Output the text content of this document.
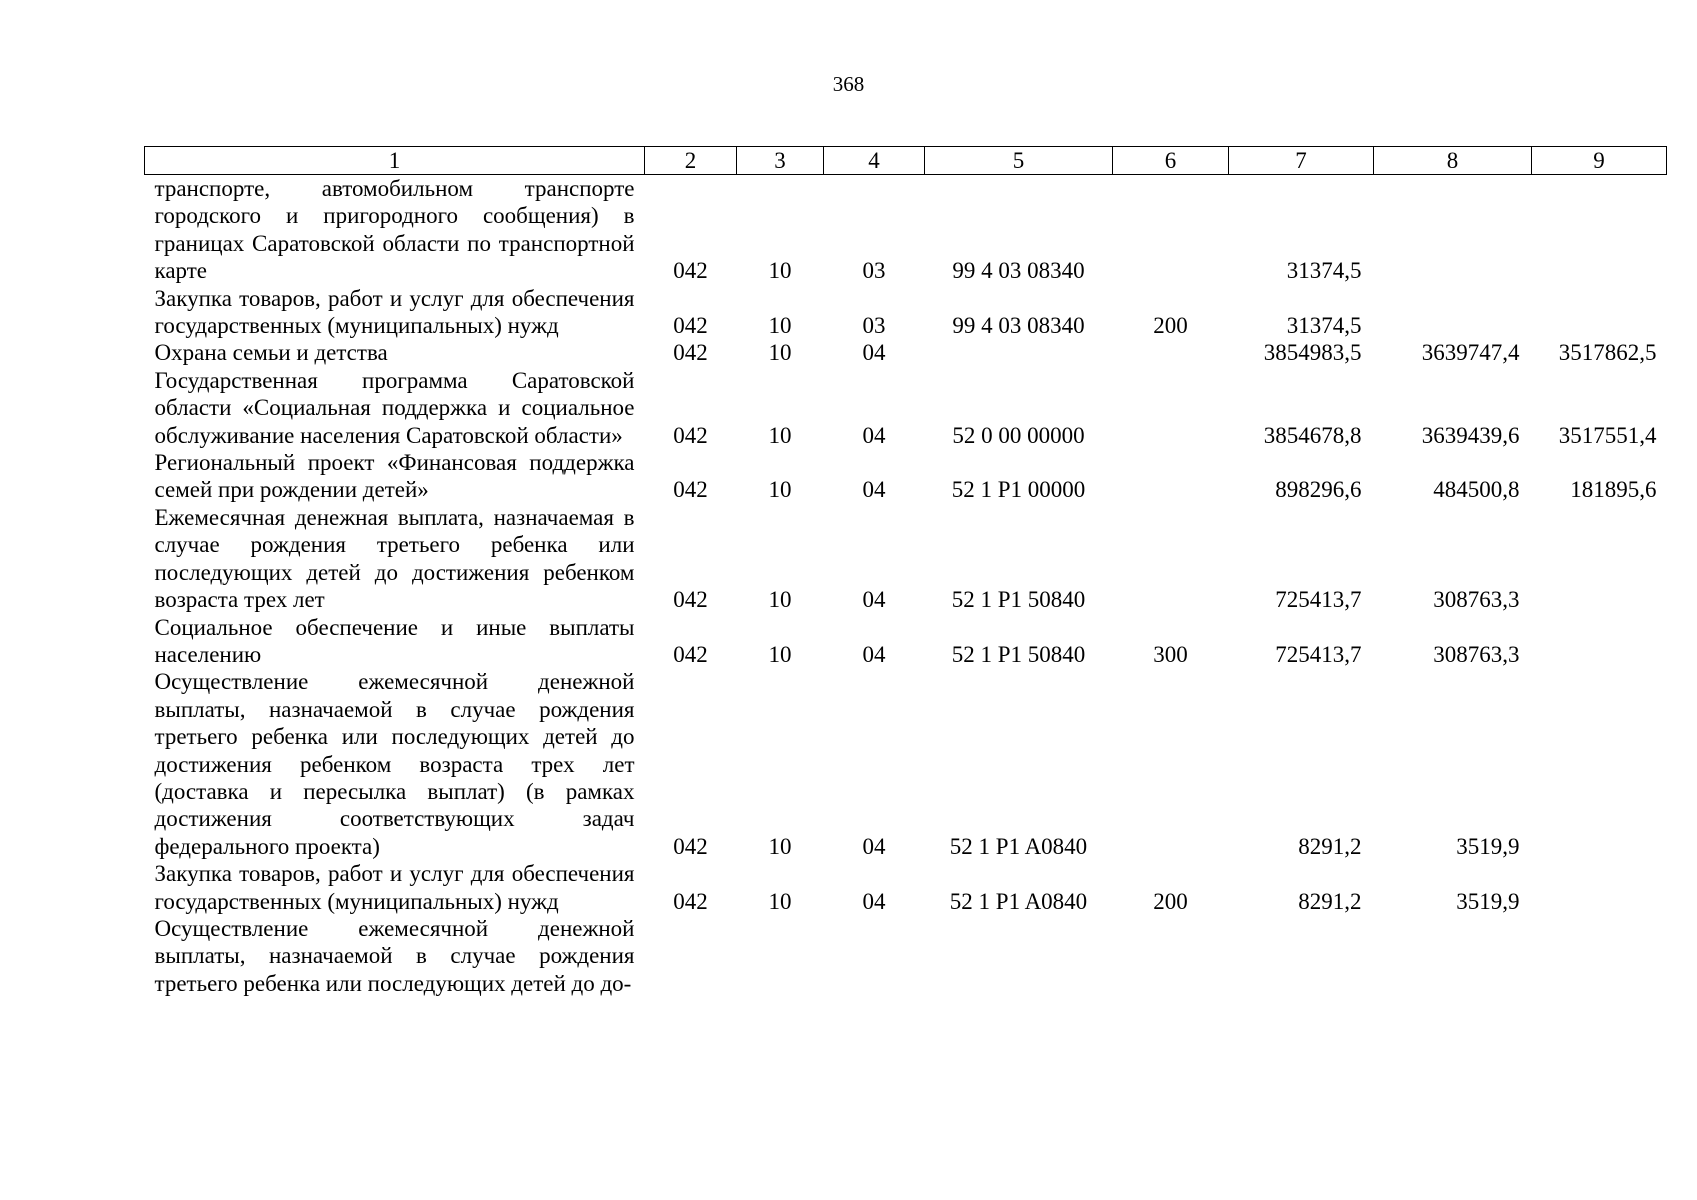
368
1	2	3	4	5	6	7	8	9
транспорте, автомобильном транспорте городского и пригородного сообщения) в границах Саратовской области по транспортной карте	042	10	03	99 4 03 08340		31374,5		
Закупка товаров, работ и услуг для обеспечения государственных (муниципальных) нужд	042	10	03	99 4 03 08340	200	31374,5		
Охрана семьи и детства	042	10	04			3854983,5	3639747,4	3517862,5
Государственная программа Саратовской области «Социальная поддержка и социальное обслуживание населения Саратовской области»	042	10	04	52 0 00 00000		3854678,8	3639439,6	3517551,4
Региональный проект «Финансовая поддержка семей при рождении детей»	042	10	04	52 1 P1 00000		898296,6	484500,8	181895,6
Ежемесячная денежная выплата, назначаемая в случае рождения третьего ребенка или последующих детей до достижения ребенком возраста трех лет	042	10	04	52 1 P1 50840		725413,7	308763,3	
Социальное обеспечение и иные выплаты населению	042	10	04	52 1 P1 50840	300	725413,7	308763,3	
Осуществление ежемесячной денежной выплаты, назначаемой в случае рождения третьего ребенка или последующих детей до достижения ребенком возраста трех лет (доставка и пересылка выплат) (в рамках достижения соответствующих задач федерального проекта)	042	10	04	52 1 P1 A0840		8291,2	3519,9	
Закупка товаров, работ и услуг для обеспечения государственных (муниципальных) нужд	042	10	04	52 1 P1 A0840	200	8291,2	3519,9	
Осуществление ежемесячной денежной выплаты, назначаемой в случае рождения третьего ребенка или последующих детей до до-								
